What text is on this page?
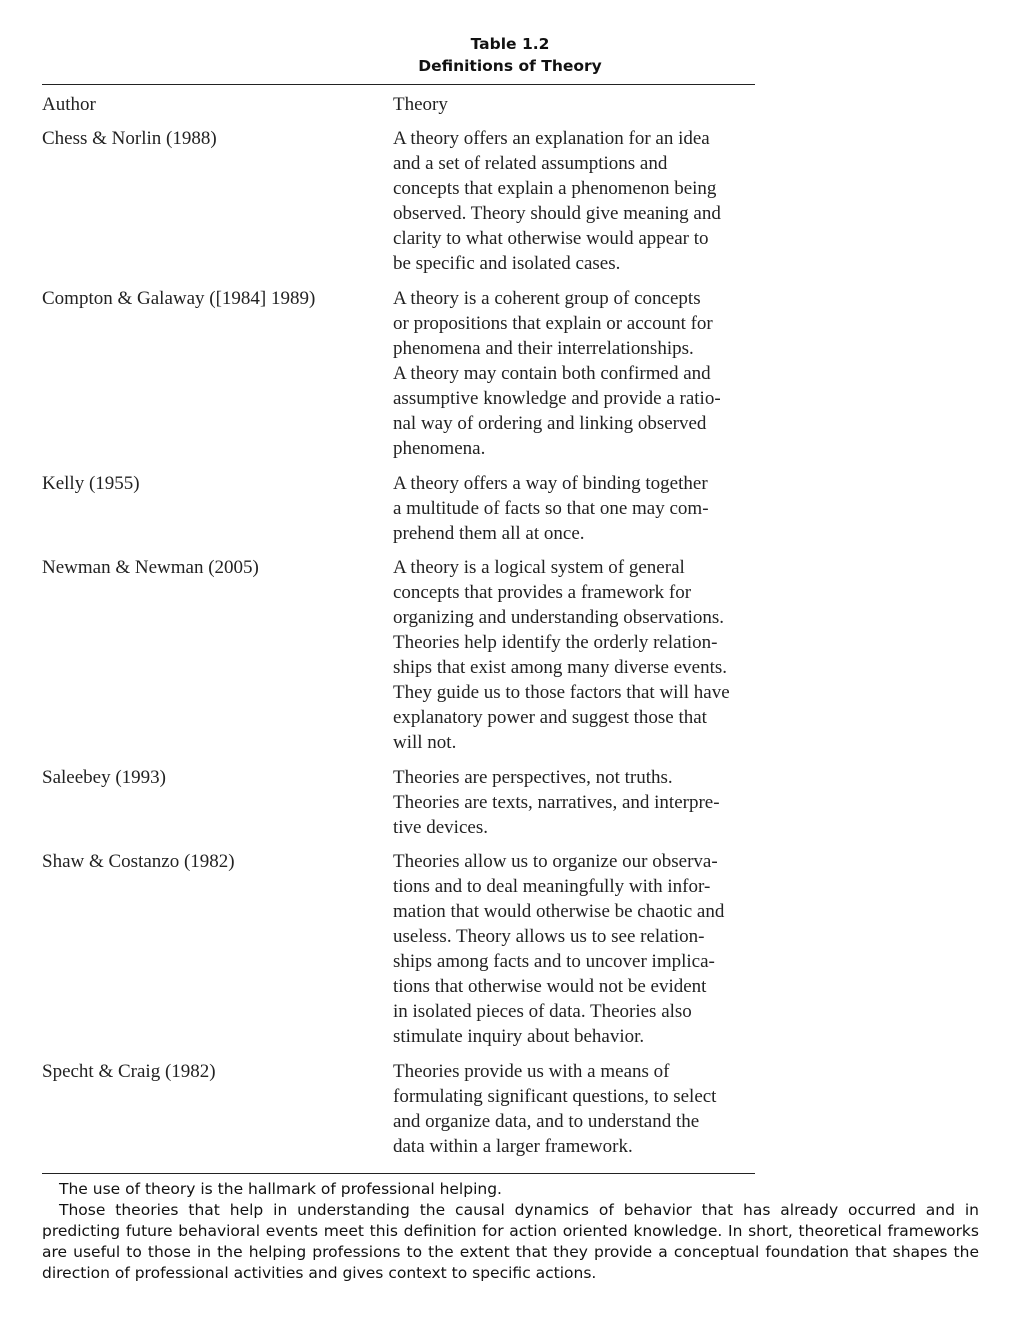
Table 1.2
Definitions of Theory
Author	Theory
Chess & Norlin (1988)	A theory offers an explanation for an idea
and a set of related assumptions and
concepts that explain a phenomenon being
observed. Theory should give meaning and
clarity to what otherwise would appear to
be specific and isolated cases.
Compton & Galaway ([1984] 1989)	A theory is a coherent group of concepts
or propositions that explain or account for
phenomena and their interrelationships.
A theory may contain both confirmed and
assumptive knowledge and provide a ratio-
nal way of ordering and linking observed
phenomena.
Kelly (1955)	A theory offers a way of binding together
a multitude of facts so that one may com-
prehend them all at once.
Newman & Newman (2005)	A theory is a logical system of general
concepts that provides a framework for
organizing and understanding observations.
Theories help identify the orderly relation-
ships that exist among many diverse events.
They guide us to those factors that will have
explanatory power and suggest those that
will not.
Saleebey (1993)	Theories are perspectives, not truths.
Theories are texts, narratives, and interpre-
tive devices.
Shaw & Costanzo (1982)	Theories allow us to organize our observa-
tions and to deal meaningfully with infor-
mation that would otherwise be chaotic and
useless. Theory allows us to see relation-
ships among facts and to uncover implica-
tions that otherwise would not be evident
in isolated pieces of data. Theories also
stimulate inquiry about behavior.
Specht & Craig (1982)	Theories provide us with a means of
formulating significant questions, to select
and organize data, and to understand the
data within a larger framework.
The use of theory is the hallmark of professional helping.
Those theories that help in understanding the causal dynamics of behavior that has already occurred and in predicting future behavioral events meet this definition for action oriented knowledge. In short, theoretical frameworks are useful to those in the helping professions to the extent that they provide a conceptual foundation that shapes the direction of professional activities and gives context to specific actions.
